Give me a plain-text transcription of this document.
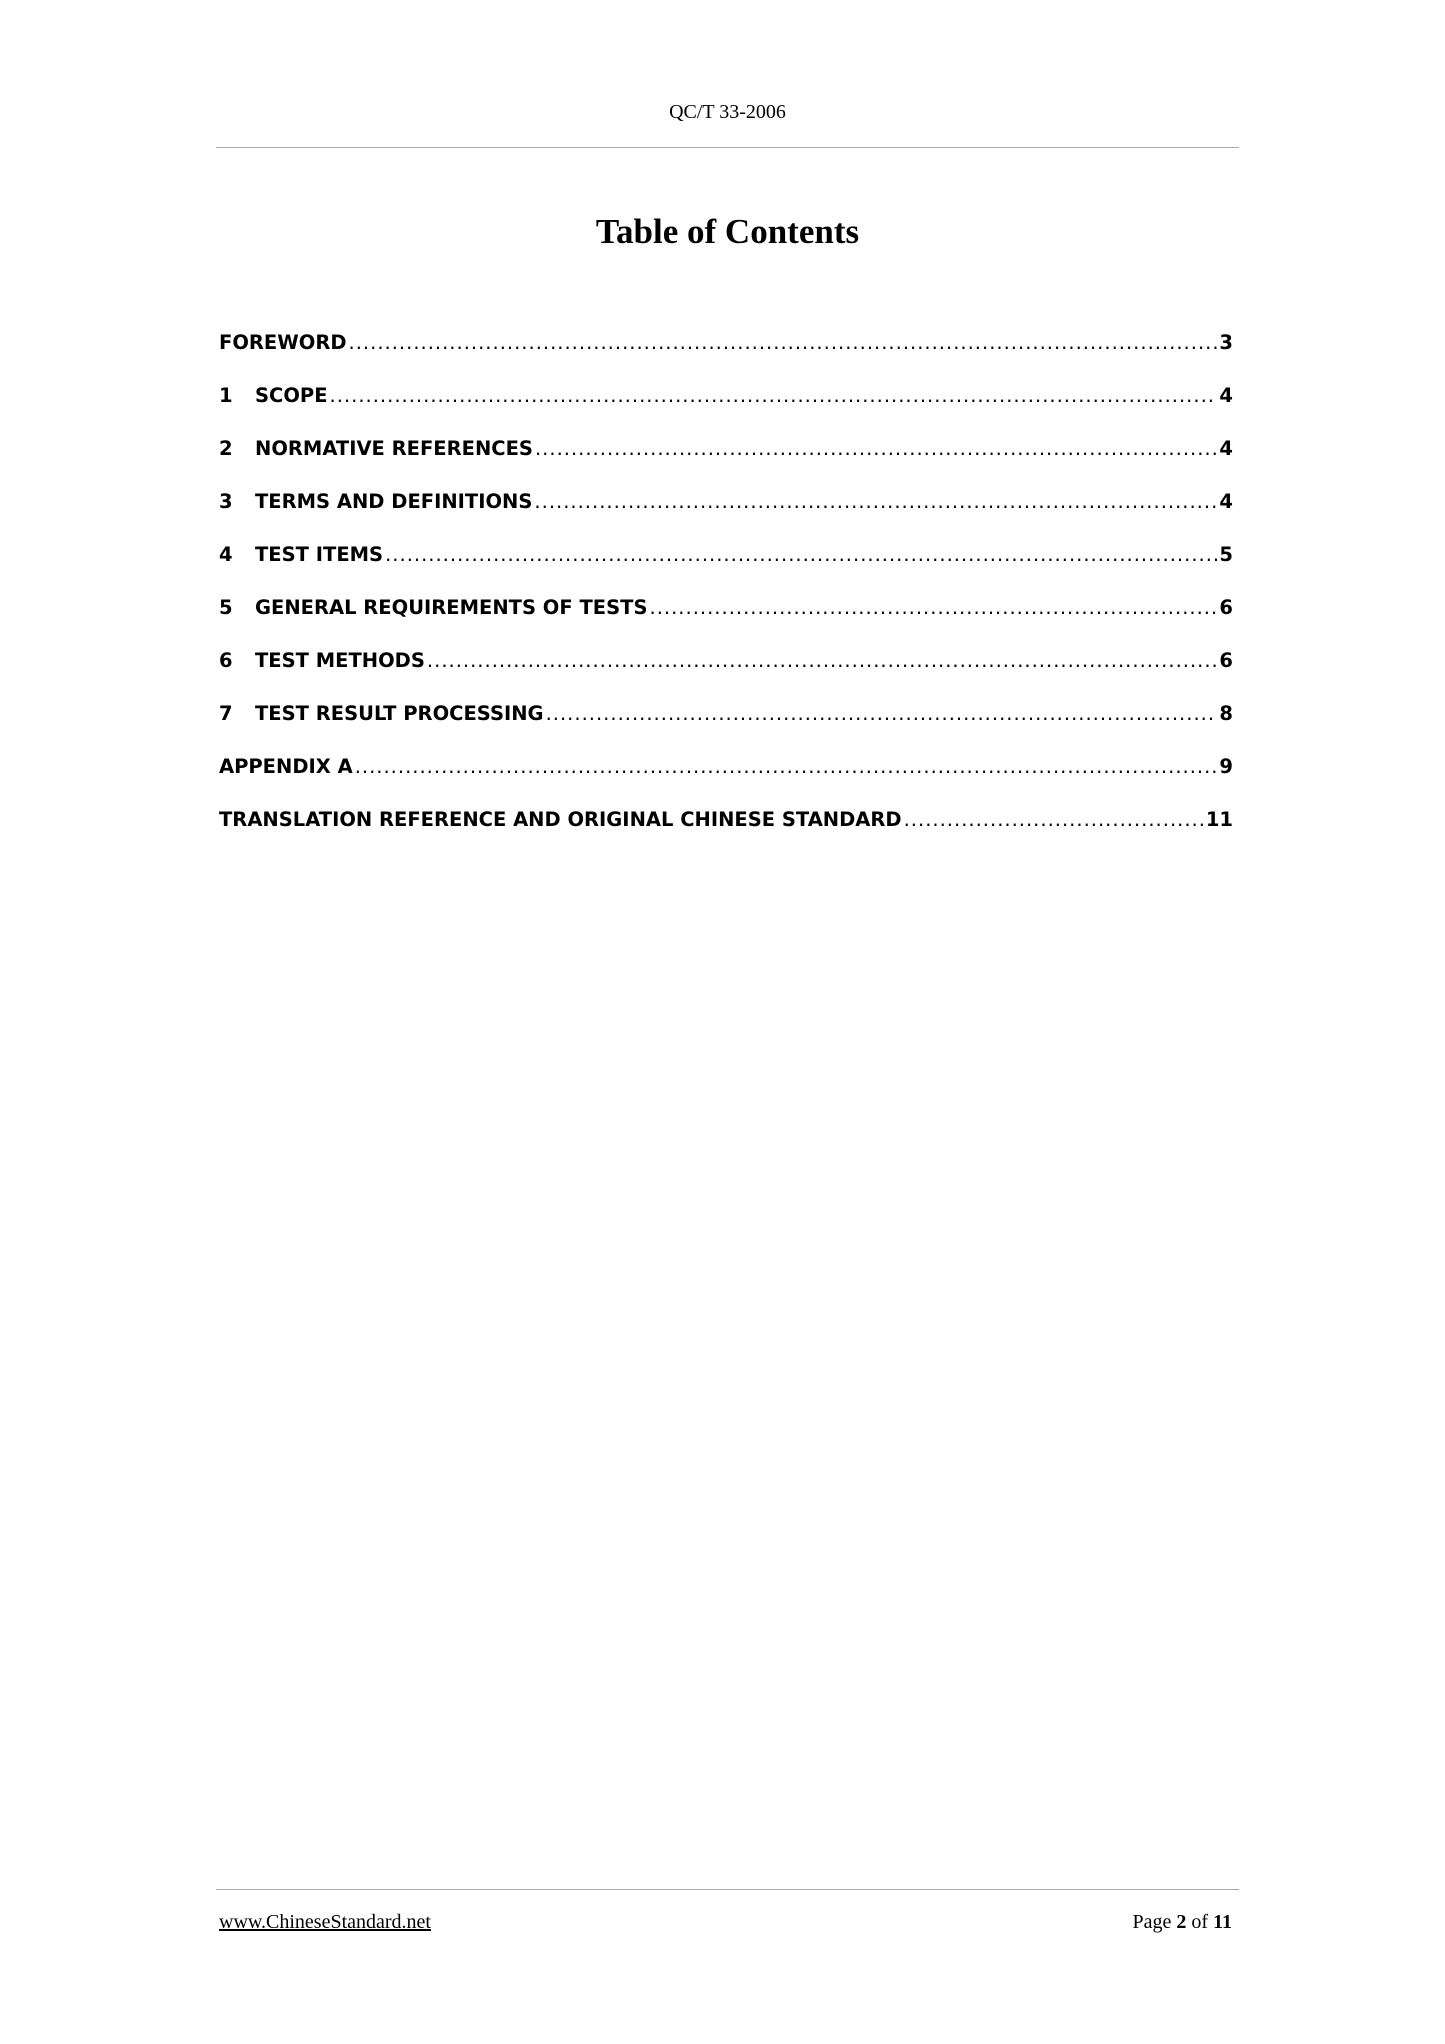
QC/T 33-2006
Table of Contents
FOREWORD .....	3
1	SCOPE .....	4
2	NORMATIVE REFERENCES .....	4
3	TERMS AND DEFINITIONS .....	4
4	TEST ITEMS .....	5
5	GENERAL REQUIREMENTS OF TESTS .....	6
6	TEST METHODS .....	6
7	TEST RESULT PROCESSING .....	8
APPENDIX A .....	9
TRANSLATION REFERENCE AND ORIGINAL CHINESE STANDARD .....	11
www.ChineseStandard.net	Page 2 of 11
